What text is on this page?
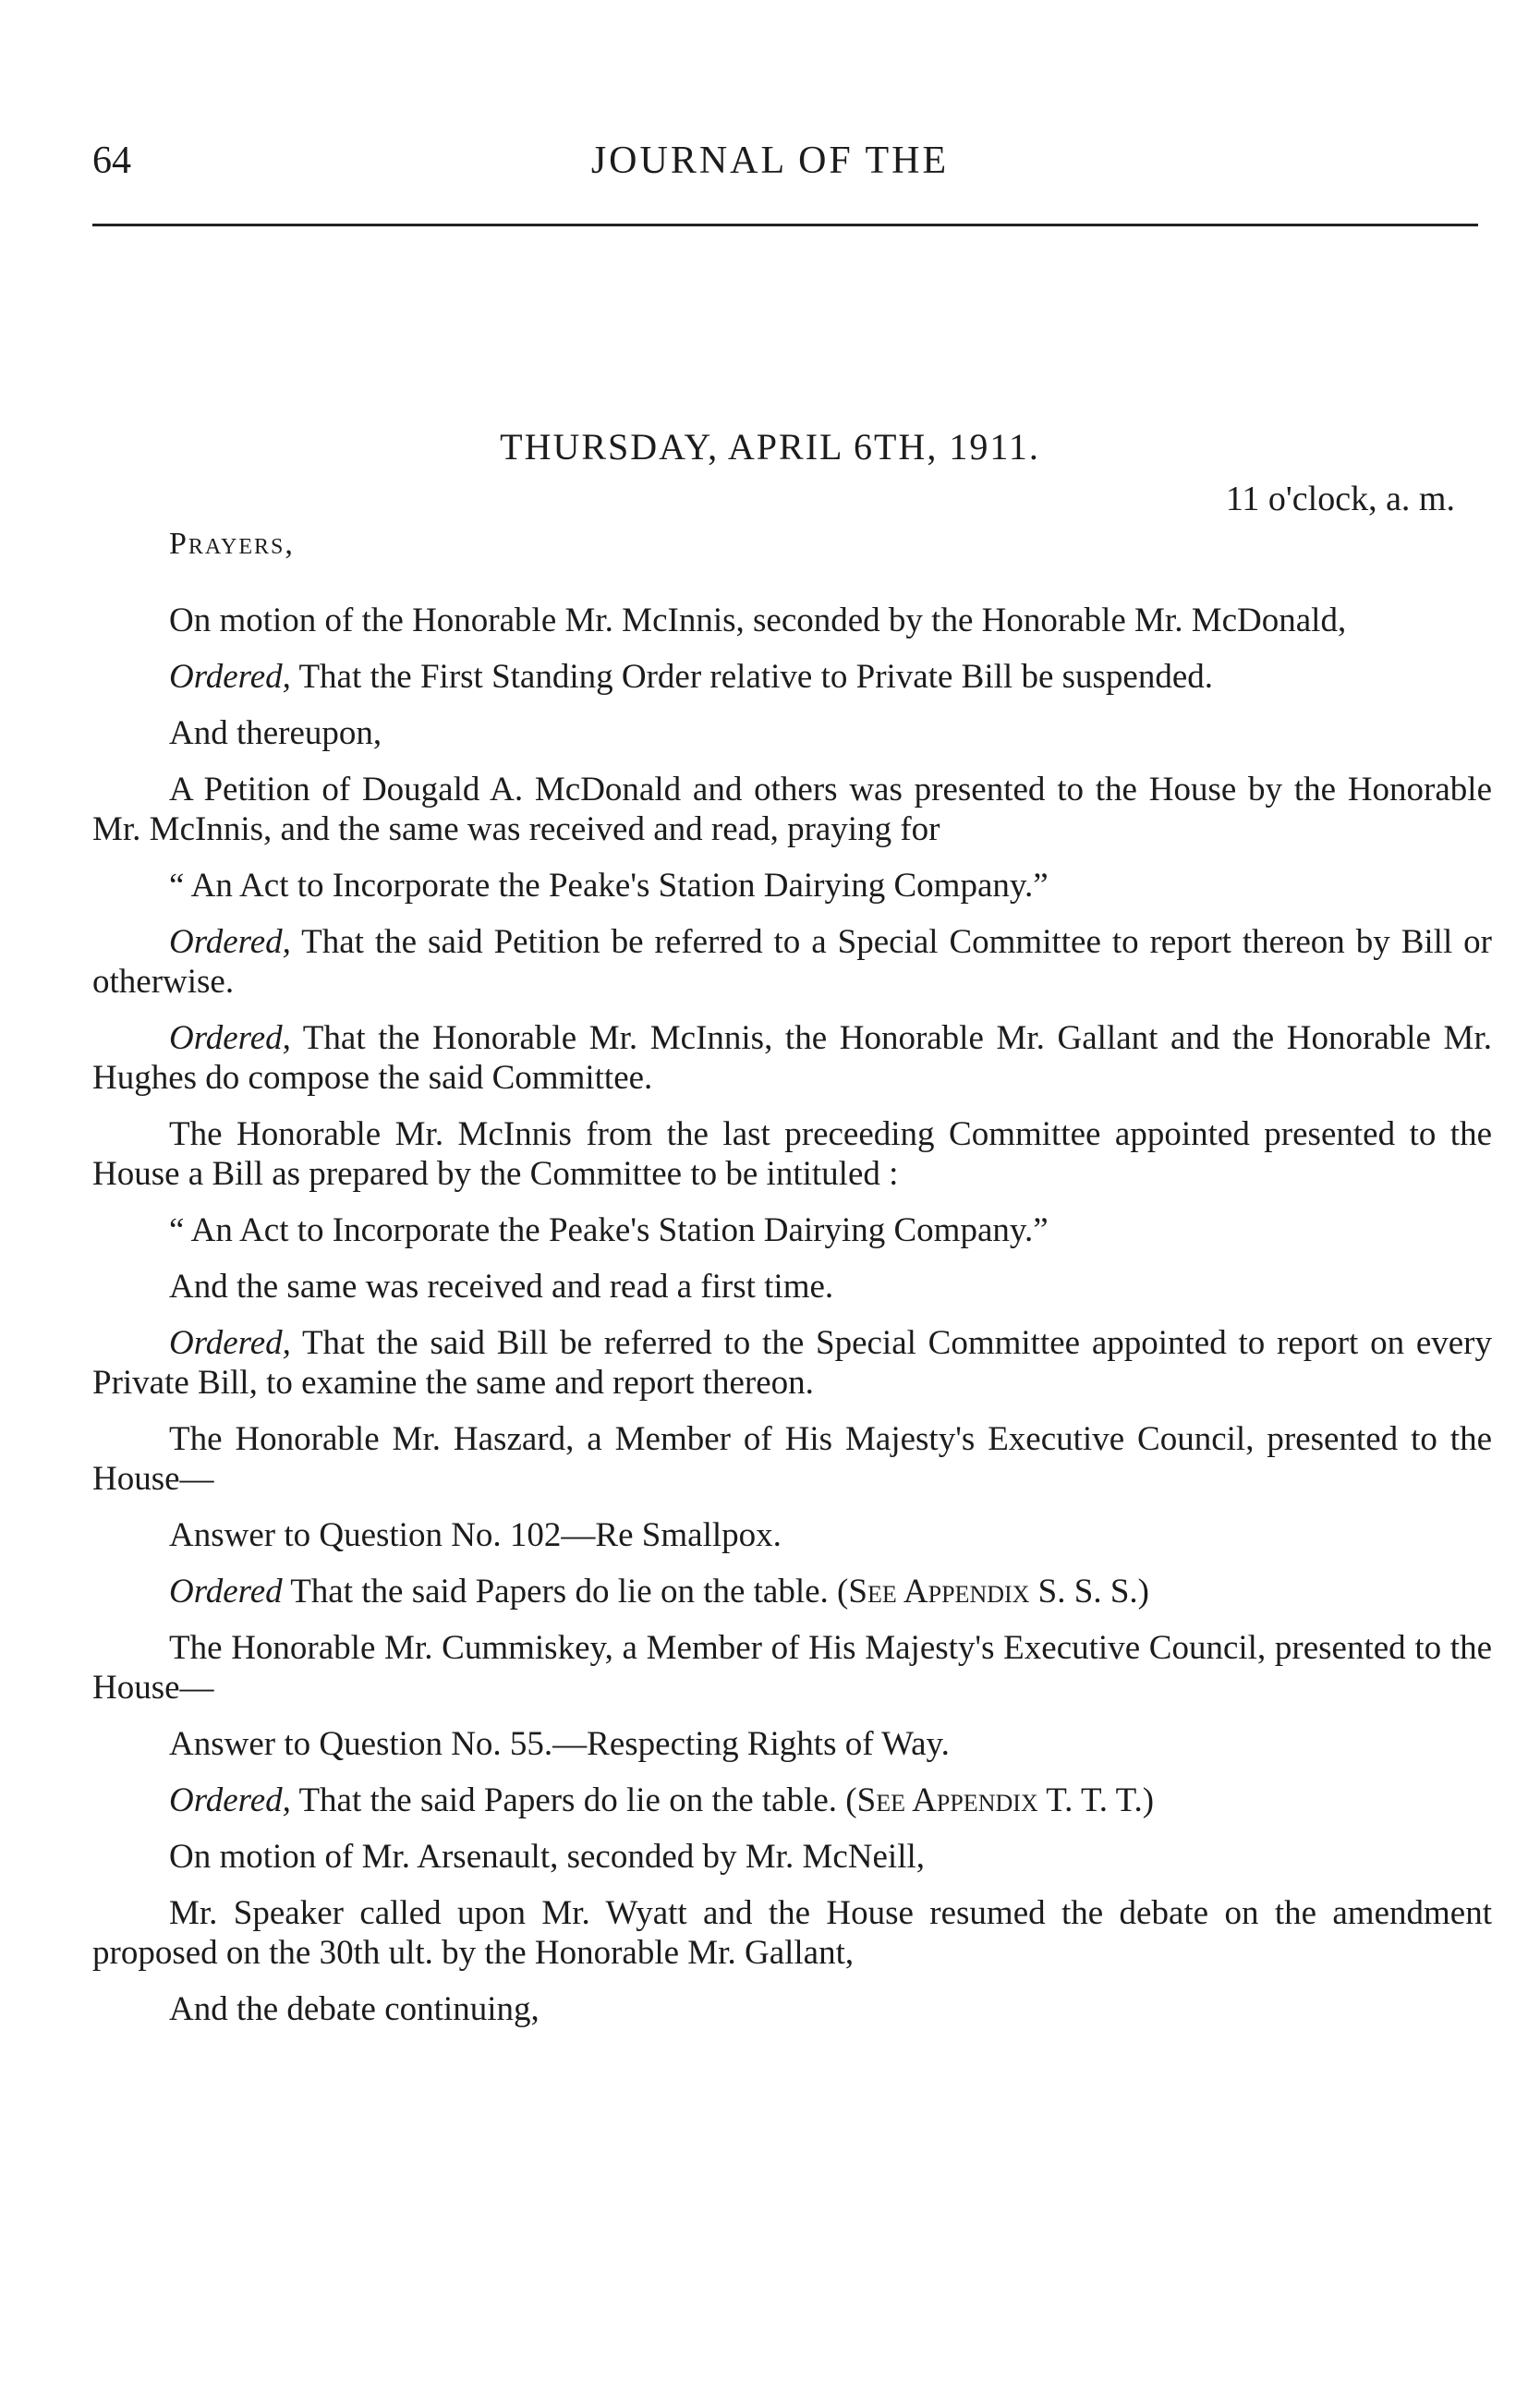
64	JOURNAL OF THE
THURSDAY, APRIL 6TH, 1911.
11 o'clock, a. m.
Prayers,

On motion of the Honorable Mr. McInnis, seconded by the Honorable Mr. McDonald,

Ordered, That the First Standing Order relative to Private Bill be suspended.

And thereupon,

A Petition of Dougald A. McDonald and others was presented to the House by the Honorable Mr. McInnis, and the same was received and read, praying for

“ An Act to Incorporate the Peake's Station Dairying Company.”

Ordered, That the said Petition be referred to a Special Committee to report thereon by Bill or otherwise.

Ordered, That the Honorable Mr. McInnis, the Honorable Mr. Gallant and the Honorable Mr. Hughes do compose the said Committee.

The Honorable Mr. McInnis from the last preceeding Committee appointed presented to the House a Bill as prepared by the Committee to be intituled :

“ An Act to Incorporate the Peake's Station Dairying Company.”

And the same was received and read a first time.

Ordered, That the said Bill be referred to the Special Committee appointed to report on every Private Bill, to examine the same and report thereon.

The Honorable Mr. Haszard, a Member of His Majesty's Executive Council, presented to the House—

Answer to Question No. 102—Re Smallpox.

Ordered That the said Papers do lie on the table. (See Appendix S. S. S.)

The Honorable Mr. Cummiskey, a Member of His Majesty's Executive Council, presented to the House—

Answer to Question No. 55.—Respecting Rights of Way.

Ordered, That the said Papers do lie on the table. (See Appendix T. T. T.)

On motion of Mr. Arsenault, seconded by Mr. McNeill,

Mr. Speaker called upon Mr. Wyatt and the House resumed the debate on the amendment proposed on the 30th ult. by the Honorable Mr. Gallant,

And the debate continuing,
